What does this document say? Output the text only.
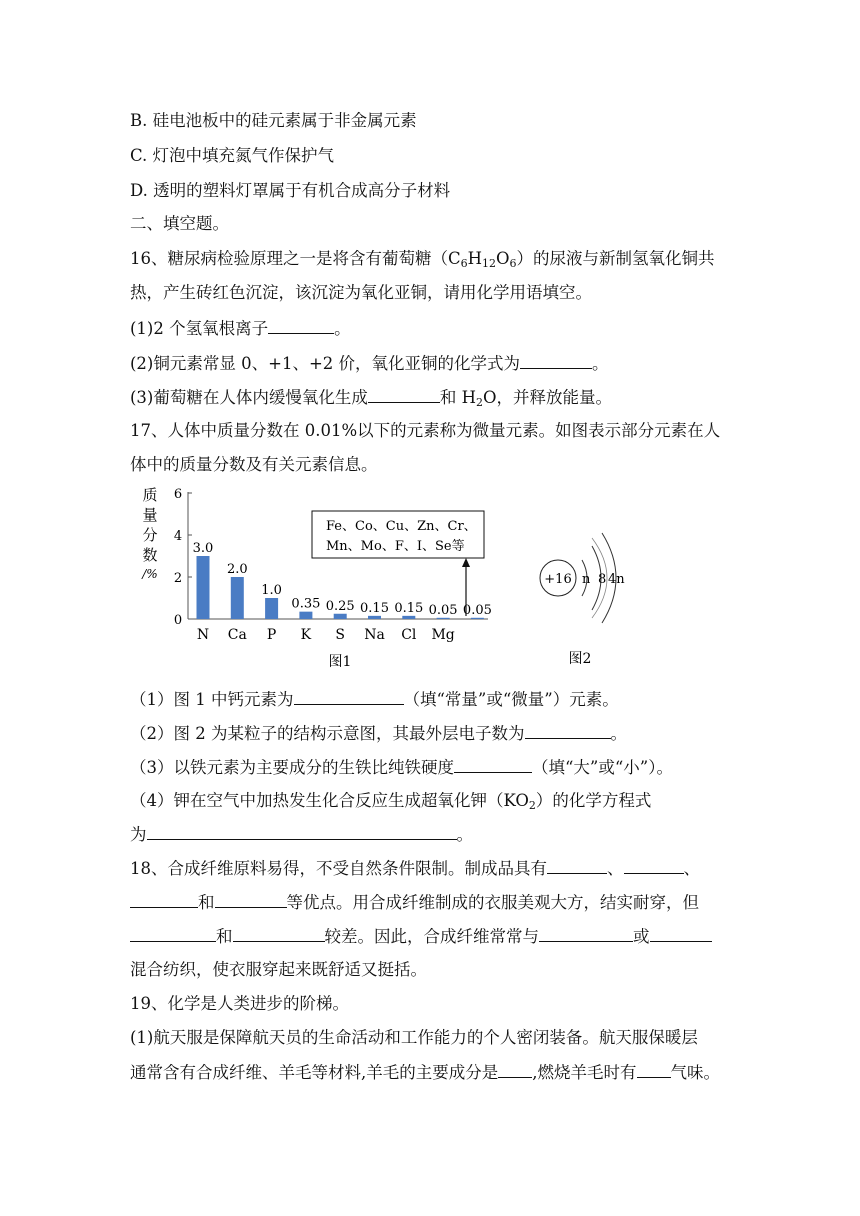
B. 硅电池板中的硅元素属于非金属元素
C. 灯泡中填充氮气作保护气
D. 透明的塑料灯罩属于有机合成高分子材料
二、填空题。
16、糖尿病检验原理之一是将含有葡萄糖$(C_6H_{12}O_6)$的尿液与新制氢氧化铜共
热，产生砖红色沉淀，该沉淀为氧化亚铜，请用化学用语填空。
(1)2 个氢氧根离子	。
(2)铜元素常显 0、+1、+2 价，氧化亚铜的化学式为	。
(3)葡萄糖在人体内缓慢氧化生成	和 $H_2O$，并释放能量。
17、人体中质量分数在 0.01%以下的元素称为微量元素。如图表示部分元素在人
体中的质量分数及有关元素信息。
质
量
分
数
/%
0
2
4
6
3.0
2.0
1.0
0.35 0.25 0.15 0.15 0.05 0.05
N Ca P K S Na Cl Mg
Fe、Co、Cu、Zn、Cr、
Mn、Mo、F、I、Se等
图1
+16 n 8 4n
图2
（1）图 1 中钙元素为	（填“常量”或“微量”）元素。
（2）图 2 为某粒子的结构示意图，其最外层电子数为	。
（3）以铁元素为主要成分的生铁比纯铁硬度	（填“大”或“小”）。
（4）钾在空气中加热发生化合反应生成超氧化钾$(KO_2)$的化学方程式
为	。
18、合成纤维原料易得，不受自然条件限制。制成品具有	、	、
和	等优点。用合成纤维制成的衣服美观大方，结实耐穿，但
和	较差。因此，合成纤维常常与	或
混合纺织，使衣服穿起来既舒适又挺括。
19、化学是人类进步的阶梯。
(1)航天服是保障航天员的生命活动和工作能力的个人密闭装备。航天服保暖层
通常含有合成纤维、羊毛等材料,羊毛的主要成分是 ,燃烧羊毛时有 气味。
